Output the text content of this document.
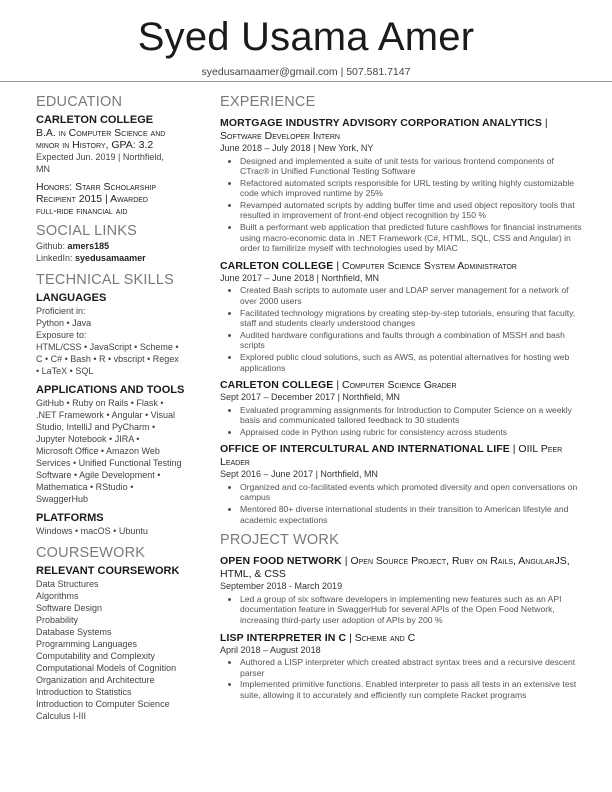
Syed Usama Amer
syedusamaamer@gmail.com | 507.581.7147
EDUCATION
CARLETON COLLEGE
B.A. in Computer Science and
minor in History, GPA: 3.2
Expected Jun. 2019 | Northfield,
MN
Honors: Starr Scholarship
Recipient 2015 | Awarded
full-ride financial aid
SOCIAL LINKS
Github: amers185
LinkedIn: syedusamaamer
TECHNICAL SKILLS
LANGUAGES
Proficient in:
Python • Java
Exposure to:
HTML/CSS • JavaScript • Scheme •
C • C# • Bash • R • vbscript • Regex
• LaTeX • SQL
APPLICATIONS AND TOOLS
GitHub • Ruby on Rails • Flask •
.NET Framework • Angular • Visual
Studio, IntelliJ and PyCharm •
Jupyter Notebook • JIRA •
Microsoft Office • Amazon Web
Services • Unified Functional Testing
Software • Agile Development •
Mathematica • RStudio •
SwaggerHub
PLATFORMS
Windows • macOS • Ubuntu
COURSEWORK
RELEVANT COURSEWORK
Data Structures
Algorithms
Software Design
Probability
Database Systems
Programming Languages
Computability and Complexity
Computational Models of Cognition
Organization and Architecture
Introduction to Statistics
Introduction to Computer Science
Calculus I-III
EXPERIENCE
MORTGAGE INDUSTRY ADVISORY CORPORATION ANALYTICS | Software Developer Intern
June 2018 – July 2018 | New York, NY
• Designed and implemented a suite of unit tests for various frontend components of CTrac® in Unified Functional Testing Software
• Refactored automated scripts responsible for URL testing by writing highly customizable code which improved runtime by 25%
• Revamped automated scripts by adding buffer time and used object repository tools that resulted in improvement of front-end object recognition by 150 %
• Built a performant web application that predicted future cashflows for financial instruments using macro-economic data in .NET Framework (C#, HTML, SQL, CSS and Angular) in order to familirize myself with technologies used by MIAC
CARLETON COLLEGE | Computer Science System Administrator
June 2017 – June 2018 | Northfield, MN
• Created Bash scripts to automate user and LDAP server management for a network of over 2000 users
• Facilitated technology migrations by creating step-by-step tutorials, ensuring that faculty, staff and students clearly understood changes
• Audited hardware configurations and faults through a combination of MSSH and bash scripts
• Explored public cloud solutions, such as AWS, as potential alternatives for hosting web applications
CARLETON COLLEGE | Computer Science Grader
Sept 2017 – December 2017 | Northfield, MN
• Evaluated programming assignments for Introduction to Computer Science on a weekly basis and communicated tailored feedback to 30 students
• Appraised code in Python using rubric for consistency across students
OFFICE OF INTERCULTURAL AND INTERNATIONAL LIFE | OIIL Peer Leader
Sept 2016 – June 2017 | Northfield, MN
• Organized and co-facilitated events which promoted diversity and open conversations on campus
• Mentored 80+ diverse international students in their transition to American lifestyle and academic expectations
PROJECT WORK
OPEN FOOD NETWORK | Open Source Project, Ruby on Rails, AngularJS, HTML, & CSS
September 2018 - March 2019
• Led a group of six software developers in implementing new features such as an API documentation feature in SwaggerHub for several APIs of the Open Food Network, increasing third-party user adoption of APIs by 200 %
LISP INTERPRETER IN C | Scheme and C
April 2018 – August 2018
• Authored a LISP interpreter which created abstract syntax trees and a recursive descent parser
• Implemented primitive functions. Enabled interpreter to pass all tests in an extensive test suite, allowing it to accurately and efficiently run complete Racket programs
